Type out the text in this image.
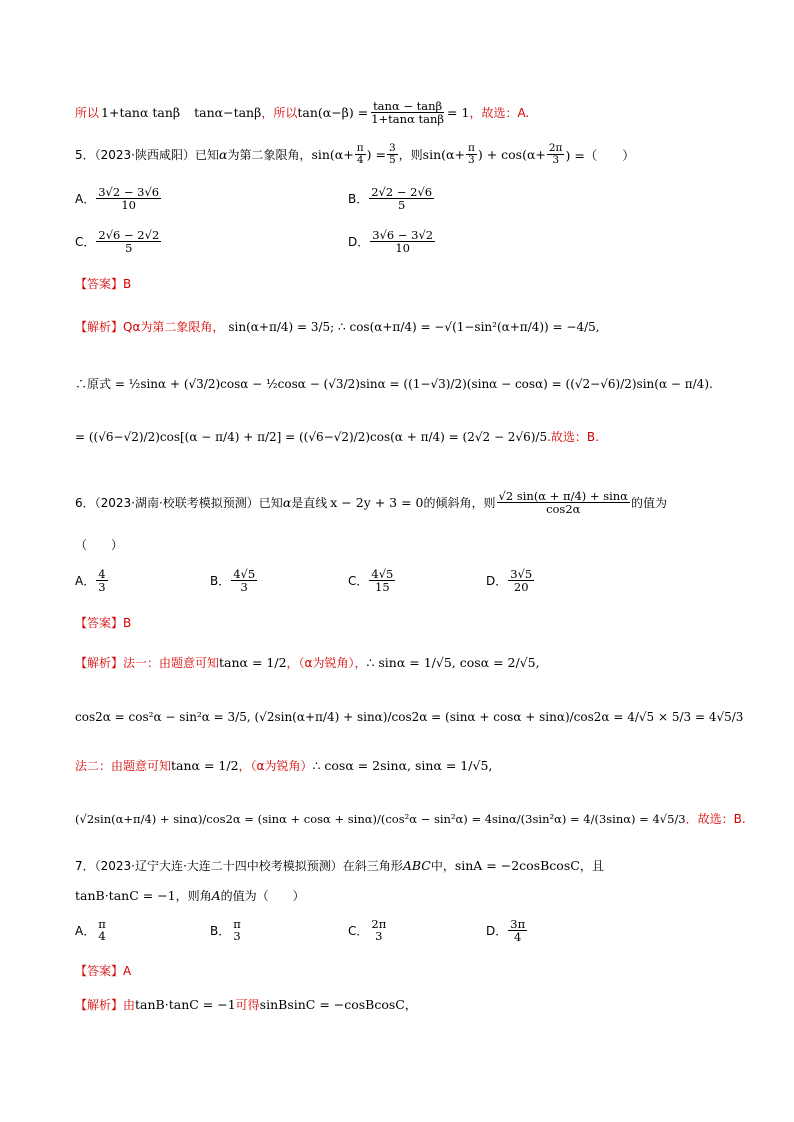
所以 1+tanα tanβ tanα−tanβ ，所以 $\tan(\alpha-\beta) = \frac{\tan\alpha - \tan\beta}{\text{1+tanα tanβ}} = 1$ ，故选：A.
5．（2023·陕西咸阳）已知 α 为第二象限角， $\sin(\alpha+ \frac{\pi}{4}$ ) = $\frac{3}{5}$ ，则 $\sin(\alpha+ \frac{\pi}{3}$ ) + $\cos(\alpha+ \frac{2\pi}{3}$ ) =（　　）
A． $\frac{3√2 - 3√6}{10}$	B． $\frac{2√2 - 2√6}{5}$
C． $\frac{2√6 - 2√2}{5}$	D． $\frac{3√6 - 3√2}{10}$
【答案】 B
【解析】 Qα为第二象限角， sin(α+π/4) = 3/5; ∴ cos(α+π/4) = −√(1−sin²(α+π/4)) = −4/5,
∴原式 = ½sinα + (√3/2)cosα − ½cosα − (√3/2)sinα = ((1−√3)/2)(sinα − cosα) = ((√2−√6)/2)sin(α − π/4).
= ((√6−√2)/2)cos[(α − π/4) + π/2] = ((√6−√2)/2)cos(α + π/4) = (2√2 − 2√6)/5 .故选：B.
6．（2023·湖南·校联考模拟预测）已知 α 是直线 x − 2y + 3 = 0 的倾斜角，则 $\frac{√2 \sin(\alpha + \pi/4) + \sin\alpha}{\cos 2\alpha}$ 的值为
（　　）
A． $\frac{4}{3}$	B． $\frac{4√5}{3}$	C． $\frac{4√5}{15}$	D． $\frac{3√5}{20}$
【答案】 B
【解析】 法一：由题意可知 tanα = 1/2 ，（α为锐角）， ∴ sinα = 1/√5, cosα = 2/√5,
cos2α = cos²α − sin²α = 3/5, (√2sin(α+π/4) + sinα)/cos2α = (sinα + cosα + sinα)/cos2α = 4/√5 × 5/3 = 4√5/3
法二：由题意可知 tanα = 1/2 ，（α为锐角） ∴ cosα = 2sinα, sinα = 1/√5,
(√2sin(α+π/4) + sinα)/cos2α = (sinα + cosα + sinα)/(cos²α − sin²α) = 4sinα/(3sin²α) = 4/(3sinα) = 4√5/3 ．故选：B.
7．（2023·辽宁大连·大连二十四中校考模拟预测）在斜三角形 ABC 中， sinA = −2cosBcosC ，且
tanB·tanC = −1 ，则角 A 的值为（　　）
A． π
4	B． π
3	C． 2π
3	D． $\frac{3\pi}{4}$
【答案】 A
【解析】 由 tanB·tanC = −1 可得 sinBsinC = −cosBcosC ，
